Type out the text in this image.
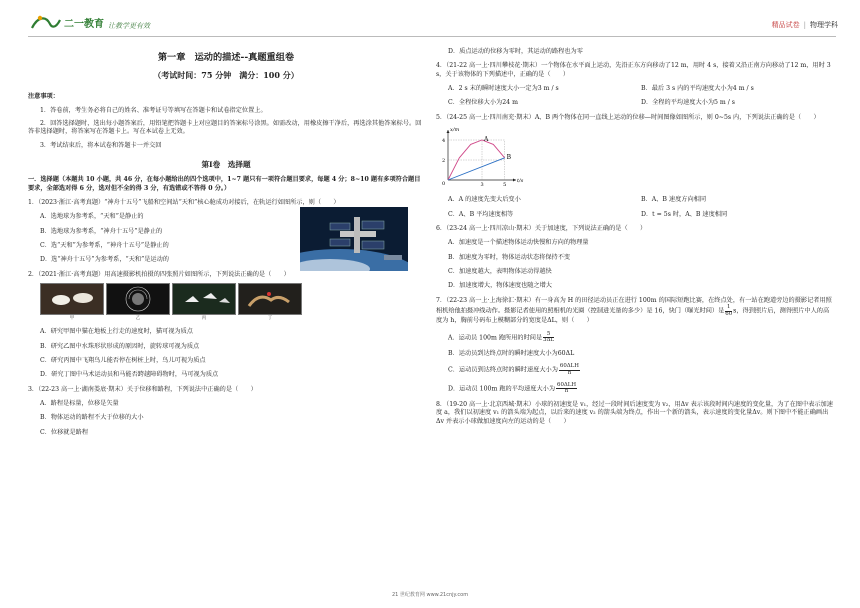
二一教育 让教学更有效	精品试卷 | 物理学科

第一章　运动的描述--真题重组卷

（考试时间：75 分钟　满分：100 分）

注意事项：

1．答卷前，考生务必将自己的姓名、准考证号等填写在答题卡和试卷指定位置上。

2．回答选择题时，选出每小题答案后，用铅笔把答题卡上对应题目的答案标号涂黑。如需改动，用橡皮擦干净后，再选涂其他答案标号。回答非选择题时，将答案写在答题卡上。写在本试卷上无效。

3．考试结束后，将本试卷和答题卡一并交回

第Ⅰ卷　选择题

一．选择题（本题共 10 小题，共 46 分，在每小题给出的四个选项中，1~7 题只有一项符合题目要求，每题 4 分；8~10 题有多项符合题目要求，全部选对得 6 分，选对但不全的得 3 分，有选错或不答得 0 分。）

1．（2023·浙江·高考真题）“神舟十五号”飞船和空间站“天和”核心舱成功对接后，在轨运行如图所示，则（　　）

A．选地球为参考系，“天和”是静止的

B．选地球为参考系，“神舟十五号”是静止的

C．选“天和”为参考系，“神舟十五号”是静止的

D．选“神舟十五号”为参考系，“天和”是运动的

2．（2021·浙江·高考真题）用高速摄影机拍摄的四张照片如图所示，下列说法正确的是（　　）

甲	乙	丙	丁

A．研究甲图中猫在地板上行走的速度时，猫可视为质点

B．研究乙图中水珠形状形成的原因时，旋转球可视为质点

C．研究丙图中飞翔鸟儿能否停在树桩上时，鸟儿可视为质点

D．研究丁图中马术运动员和马能否跨越障碍物时，马可视为质点

3．（22-23 高一上·湖南娄底·期末）关于位移和路程，下列说法中正确的是（　　）

A．路程是标量，位移是矢量

B．物体运动的路程不大于位移的大小

C．位移就是路程

D．质点运动的位移为零时，其运动的路程也为零

4．（21-22 高一上·四川攀枝花·期末）一个物体在水平面上运动，先沿正东方向移动了12 m，用时 4 s，接着又沿正南方向移动了12 m，用时 3 s，关于该物体的下列描述中，正确的是（　　）

A．2 s 末的瞬时速度大小一定为3 m / s	B．最后 3 s 内的平均速度大小为4 m / s
C．全程位移大小为24 m	D．全程的平均速度大小为5 m / s

5．（24-25 高一上·四川南充·期末）A、B 两个物体在同一直线上运动的位移—时间图像如图所示，则 0~5s 内，下列说法正确的是（　　）

t/s
x/m
0
2
4
3	5
A
B
A．A 的速度先变大后变小	B．A、B 速度方向相同
C．A、B 平均速度相等	D．t = 5s 时，A、B 速度相同

6．（23-24 高一上·四川凉山·期末）关于加速度，下列说法正确的是（　　）

A．加速度是一个描述物体运动快慢和方向的物理量

B．加速度为零时，物体运动状态将保持不变

C．加速度越大，表明物体运动得越快

D．加速度增大，物体速度也随之增大

7．（22-23 高一上·上海徐汇·期末）有一身高为 H 的田径运动员正在进行 100m 的国际短跑比赛，在终点处，有一站在跑道旁边的摄影记者用照相机给他拍摄冲线动作。摄影记者使用的照相机的光圈（控制进光量的多少）是 16，快门（曝光时间）是 $\frac{1}{60}$ s，得到照片后，测得照片中人的高度为 h，胸前号码布上模糊部分的宽度是ΔL，则（　　）

A．运动员 100m 跑所用的时间是 $\frac{5}{3\Delta L}$

B．运动员到达终点时的瞬时速度大小为60ΔL

C．运动员到达终点时的瞬时速度大小为 $\frac{\text{60ΔLH}}{h}$

D．运动员 100m 跑的平均速度大小为 $\frac{\text{60ΔLH}}{h}$

8．（19-20 高一上·北京西城·期末）小球的初速度是 v₁，经过一段时间后速度变为 v₂，用Δv 表示该段时间内速度的变化量，为了在图中表示加速度 a，我们以初速度 v₁ 的箭头端为起点，以后来的速度 v₂ 的箭头端为终点，作出一个新的箭头，表示速度的变化量Δv。则下图中不能正确画出Δv 并表示小球做加速度向左的运动的是（　　）

21 世纪教育网 www.21cnjy.com
